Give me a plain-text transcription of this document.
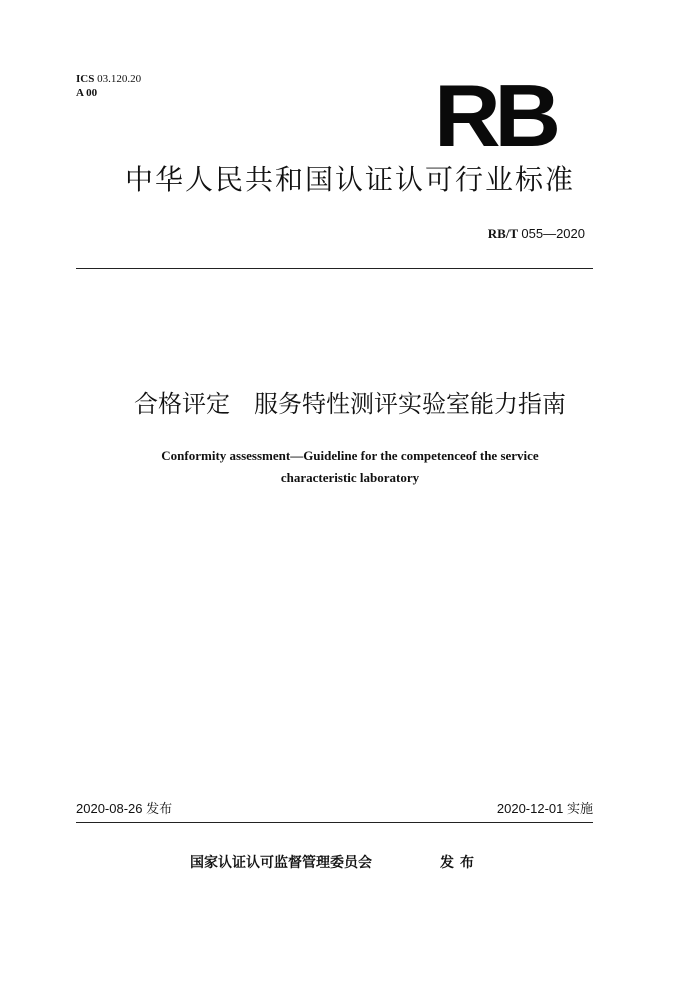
ICS 03.120.20
A 00	RB
中华人民共和国认证认可行业标准
RB/T 055—2020
合格评定　服务特性测评实验室能力指南
Conformity assessment—Guideline for the competenceof the service
characteristic laboratory
2020-08-26 发布	2020-12-01 实施
国家认证认可监督管理委员会	发布
